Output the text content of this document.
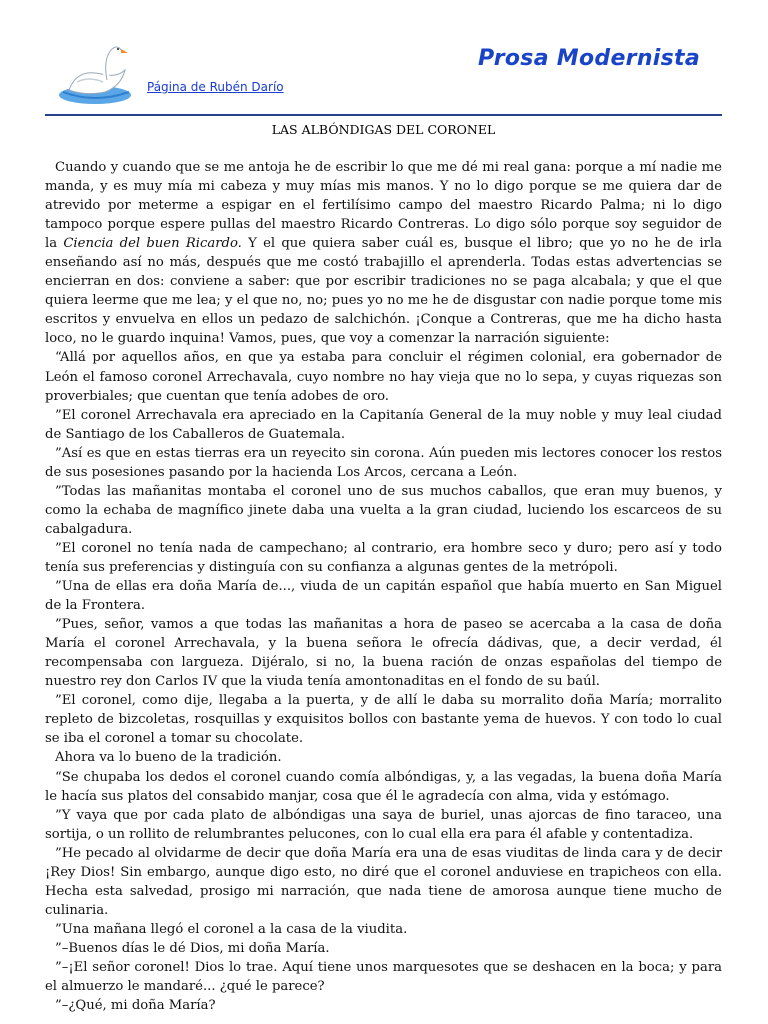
Prosa Modernista
Página de Rubén Darío
LAS ALBÓNDIGAS DEL CORONEL

Cuando y cuando que se me antoja he de escribir lo que me dé mi real gana: porque a mí nadie me manda, y es muy mía mi cabeza y muy mías mis manos. Y no lo digo porque se me quiera dar de atrevido por meterme a espigar en el fertilísimo campo del maestro Ricardo Palma; ni lo digo tampoco porque espere pullas del maestro Ricardo Contreras. Lo digo sólo porque soy seguidor de la Ciencia del buen Ricardo. Y el que quiera saber cuál es, busque el libro; que yo no he de irla enseñando así no más, después que me costó trabajillo el aprenderla. Todas estas advertencias se encierran en dos: conviene a saber: que por escribir tradiciones no se paga alcabala; y que el que quiera leerme que me lea; y el que no, no; pues yo no me he de disgustar con nadie porque tome mis escritos y envuelva en ellos un pedazo de salchichón. ¡Conque a Contreras, que me ha dicho hasta loco, no le guardo inquina! Vamos, pues, que voy a comenzar la narración siguiente:

“Allá por aquellos años, en que ya estaba para concluir el régimen colonial, era gobernador de León el famoso coronel Arrechavala, cuyo nombre no hay vieja que no lo sepa, y cuyas riquezas son proverbiales; que cuentan que tenía adobes de oro.

”El coronel Arrechavala era apreciado en la Capitanía General de la muy noble y muy leal ciudad de Santiago de los Caballeros de Guatemala.

”Así es que en estas tierras era un reyecito sin corona. Aún pueden mis lectores conocer los restos de sus posesiones pasando por la hacienda Los Arcos, cercana a León.

”Todas las mañanitas montaba el coronel uno de sus muchos caballos, que eran muy buenos, y como la echaba de magnífico jinete daba una vuelta a la gran ciudad, luciendo los escarceos de su cabalgadura.

”El coronel no tenía nada de campechano; al contrario, era hombre seco y duro; pero así y todo tenía sus preferencias y distinguía con su confianza a algunas gentes de la metrópoli.

”Una de ellas era doña María de..., viuda de un capitán español que había muerto en San Miguel de la Frontera.

”Pues, señor, vamos a que todas las mañanitas a hora de paseo se acercaba a la casa de doña María el coronel Arrechavala, y la buena señora le ofrecía dádivas, que, a decir verdad, él recompensaba con largueza. Dijéralo, si no, la buena ración de onzas españolas del tiempo de nuestro rey don Carlos IV que la viuda tenía amontonaditas en el fondo de su baúl.

”El coronel, como dije, llegaba a la puerta, y de allí le daba su morralito doña María; morralito repleto de bizcoletas, rosquillas y exquisitos bollos con bastante yema de huevos. Y con todo lo cual se iba el coronel a tomar su chocolate.

Ahora va lo bueno de la tradición.

“Se chupaba los dedos el coronel cuando comía albóndigas, y, a las vegadas, la buena doña María le hacía sus platos del consabido manjar, cosa que él le agradecía con alma, vida y estómago.

”Y vaya que por cada plato de albóndigas una saya de buriel, unas ajorcas de fino taraceo, una sortija, o un rollito de relumbrantes pelucones, con lo cual ella era para él afable y contentadiza.

”He pecado al olvidarme de decir que doña María era una de esas viuditas de linda cara y de decir ¡Rey Dios! Sin embargo, aunque digo esto, no diré que el coronel anduviese en trapicheos con ella. Hecha esta salvedad, prosigo mi narración, que nada tiene de amorosa aunque tiene mucho de culinaria.

”Una mañana llegó el coronel a la casa de la viudita.

”–Buenos días le dé Dios, mi doña María.

”–¡El señor coronel! Dios lo trae. Aquí tiene unos marquesotes que se deshacen en la boca; y para el almuerzo le mandaré... ¿qué le parece?

”–¿Qué, mi doña María?
